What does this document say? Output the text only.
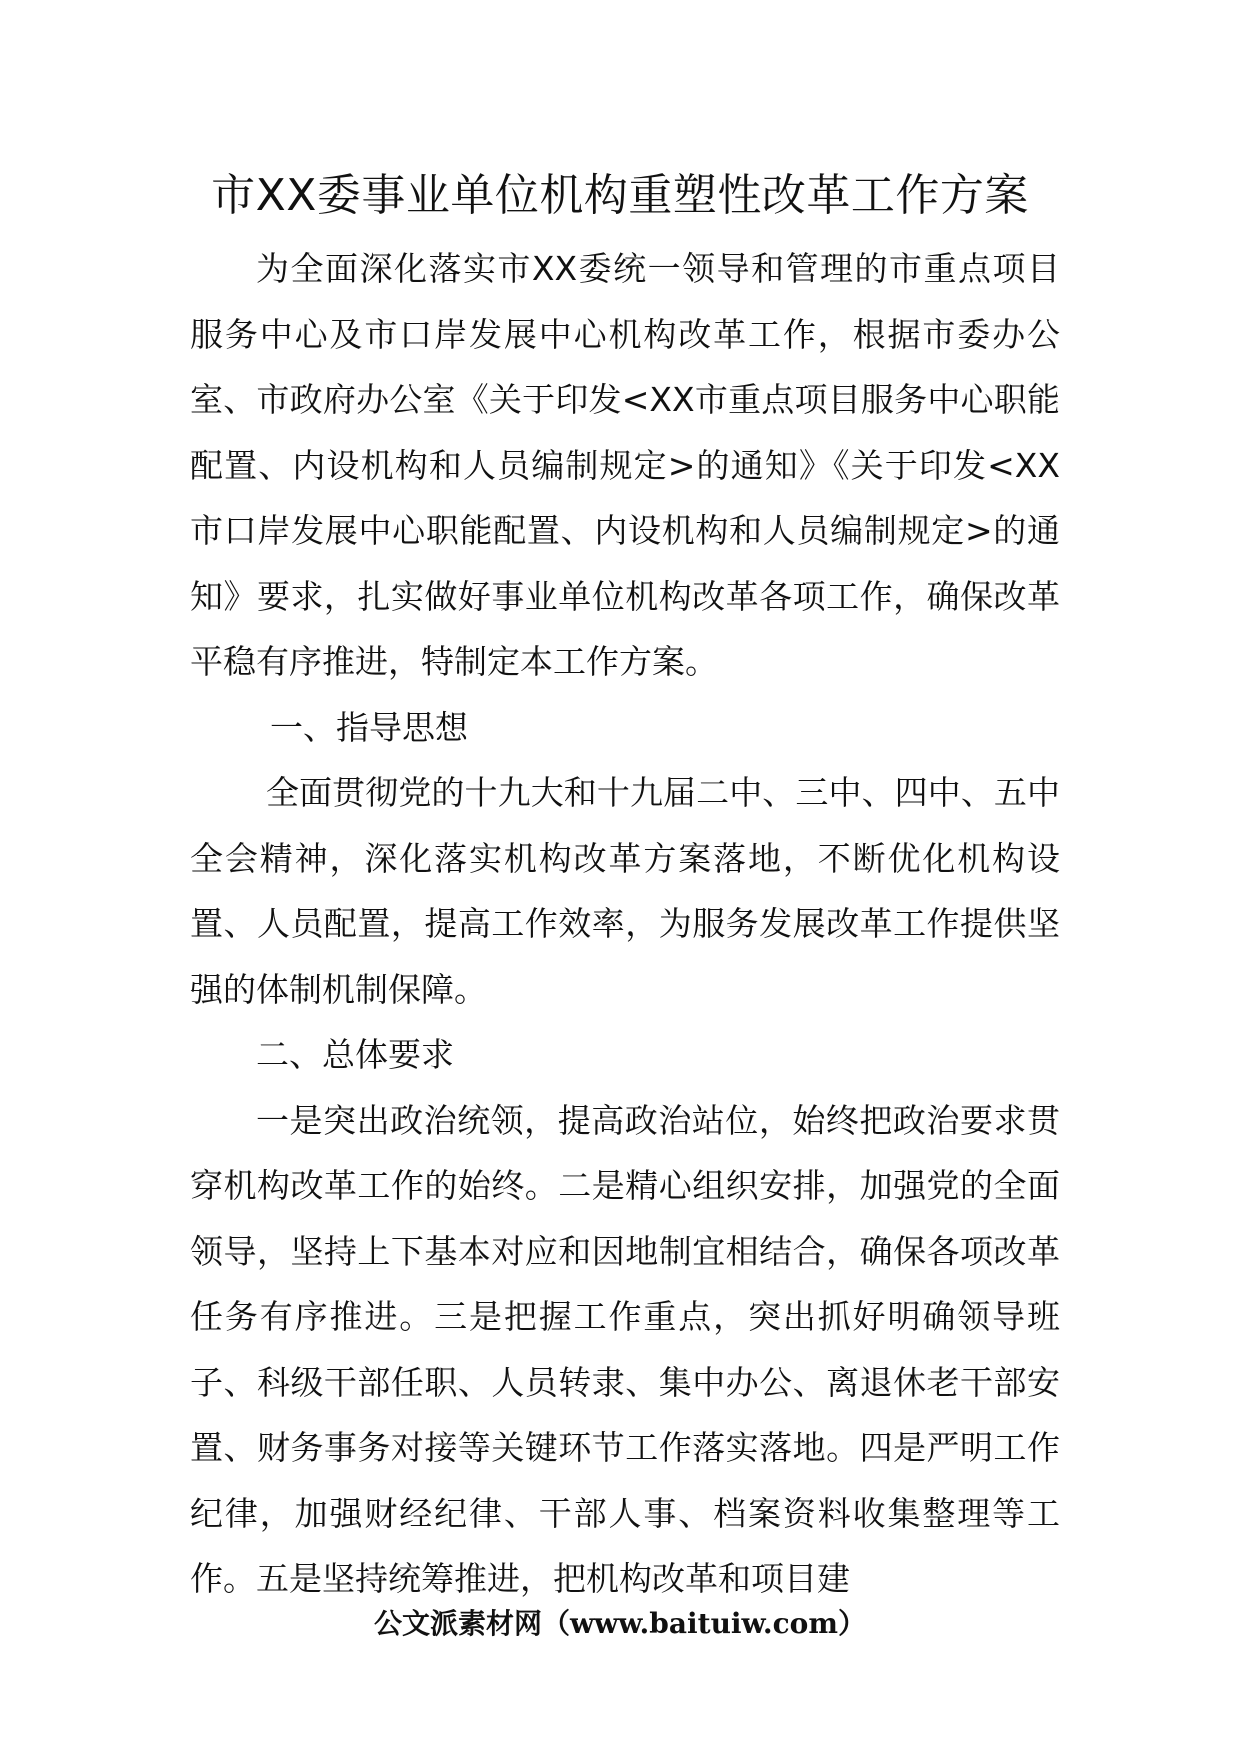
市XX委事业单位机构重塑性改革工作方案

为全面深化落实市XX委统一领导和管理的市重点项目服务中心及市口岸发展中心机构改革工作，根据市委办公室、市政府办公室《关于印发<XX市重点项目服务中心职能配置、内设机构和人员编制规定>的通知》《关于印发<XX市口岸发展中心职能配置、内设机构和人员编制规定>的通知》要求，扎实做好事业单位机构改革各项工作，确保改革平稳有序推进，特制定本工作方案。

一、指导思想

全面贯彻党的十九大和十九届二中、三中、四中、五中全会精神，深化落实机构改革方案落地，不断优化机构设置、人员配置，提高工作效率，为服务发展改革工作提供坚强的体制机制保障。

二、总体要求

一是突出政治统领，提高政治站位，始终把政治要求贯穿机构改革工作的始终。二是精心组织安排，加强党的全面领导，坚持上下基本对应和因地制宜相结合，确保各项改革任务有序推进。三是把握工作重点，突出抓好明确领导班子、科级干部任职、人员转隶、集中办公、离退休老干部安置、财务事务对接等关键环节工作落实落地。四是严明工作纪律，加强财经纪律、干部人事、档案资料收集整理等工作。五是坚持统筹推进，把机构改革和项目建

公文派素材网（www.baituiw.com）
